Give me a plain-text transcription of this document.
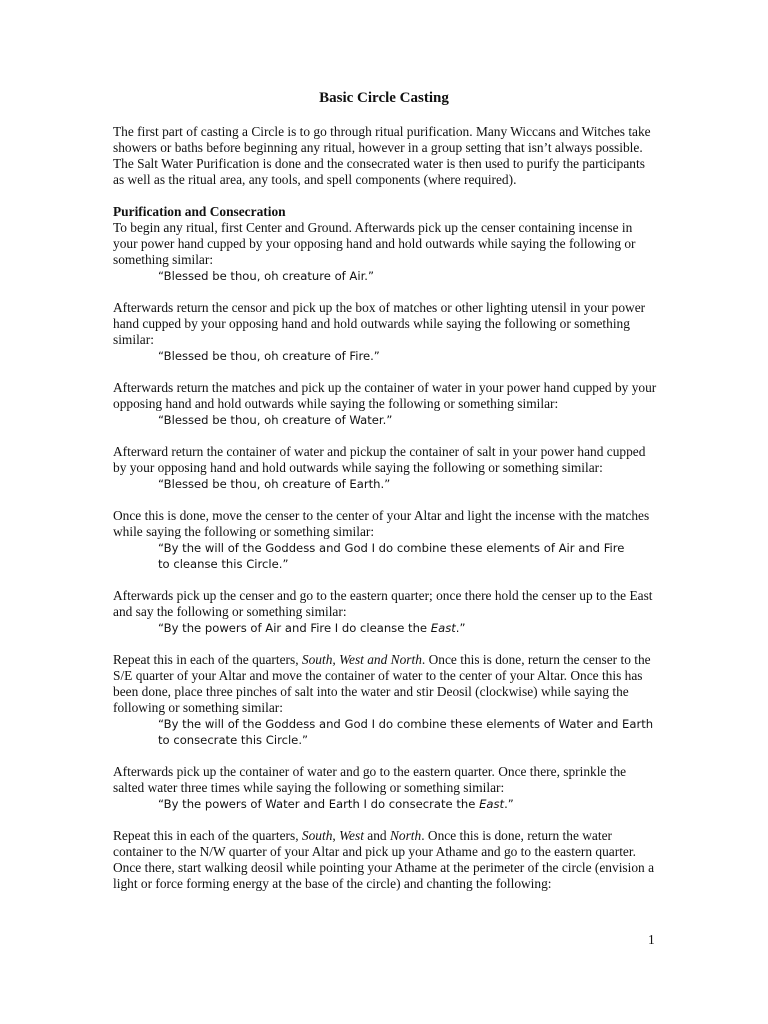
Basic Circle Casting

The first part of casting a Circle is to go through ritual purification. Many Wiccans and Witches take showers or baths before beginning any ritual, however in a group setting that isn’t always possible. The Salt Water Purification is done and the consecrated water is then used to purify the participants as well as the ritual area, any tools, and spell components (where required).

Purification and Consecration
To begin any ritual, first Center and Ground. Afterwards pick up the censer containing incense in your power hand cupped by your opposing hand and hold outwards while saying the following or something similar:
“Blessed be thou, oh creature of Air.”

Afterwards return the censor and pick up the box of matches or other lighting utensil in your power hand cupped by your opposing hand and hold outwards while saying the following or something similar:
“Blessed be thou, oh creature of Fire.”

Afterwards return the matches and pick up the container of water in your power hand cupped by your opposing hand and hold outwards while saying the following or something similar:
“Blessed be thou, oh creature of Water.”

Afterward return the container of water and pickup the container of salt in your power hand cupped by your opposing hand and hold outwards while saying the following or something similar:
“Blessed be thou, oh creature of Earth.”

Once this is done, move the censer to the center of your Altar and light the incense with the matches while saying the following or something similar:
“By the will of the Goddess and God I do combine these elements of Air and Fire
to cleanse this Circle.”

Afterwards pick up the censer and go to the eastern quarter; once there hold the censer up to the East and say the following or something similar:
“By the powers of Air and Fire I do cleanse the East.”

Repeat this in each of the quarters, South, West and North. Once this is done, return the censer to the S/E quarter of your Altar and move the container of water to the center of your Altar. Once this has been done, place three pinches of salt into the water and stir Deosil (clockwise) while saying the following or something similar:
“By the will of the Goddess and God I do combine these elements of Water and Earth
to consecrate this Circle.”

Afterwards pick up the container of water and go to the eastern quarter. Once there, sprinkle the salted water three times while saying the following or something similar:
“By the powers of Water and Earth I do consecrate the East.”

Repeat this in each of the quarters, South, West and North. Once this is done, return the water container to the N/W quarter of your Altar and pick up your Athame and go to the eastern quarter. Once there, start walking deosil while pointing your Athame at the perimeter of the circle (envision a light or force forming energy at the base of the circle) and chanting the following:

1
